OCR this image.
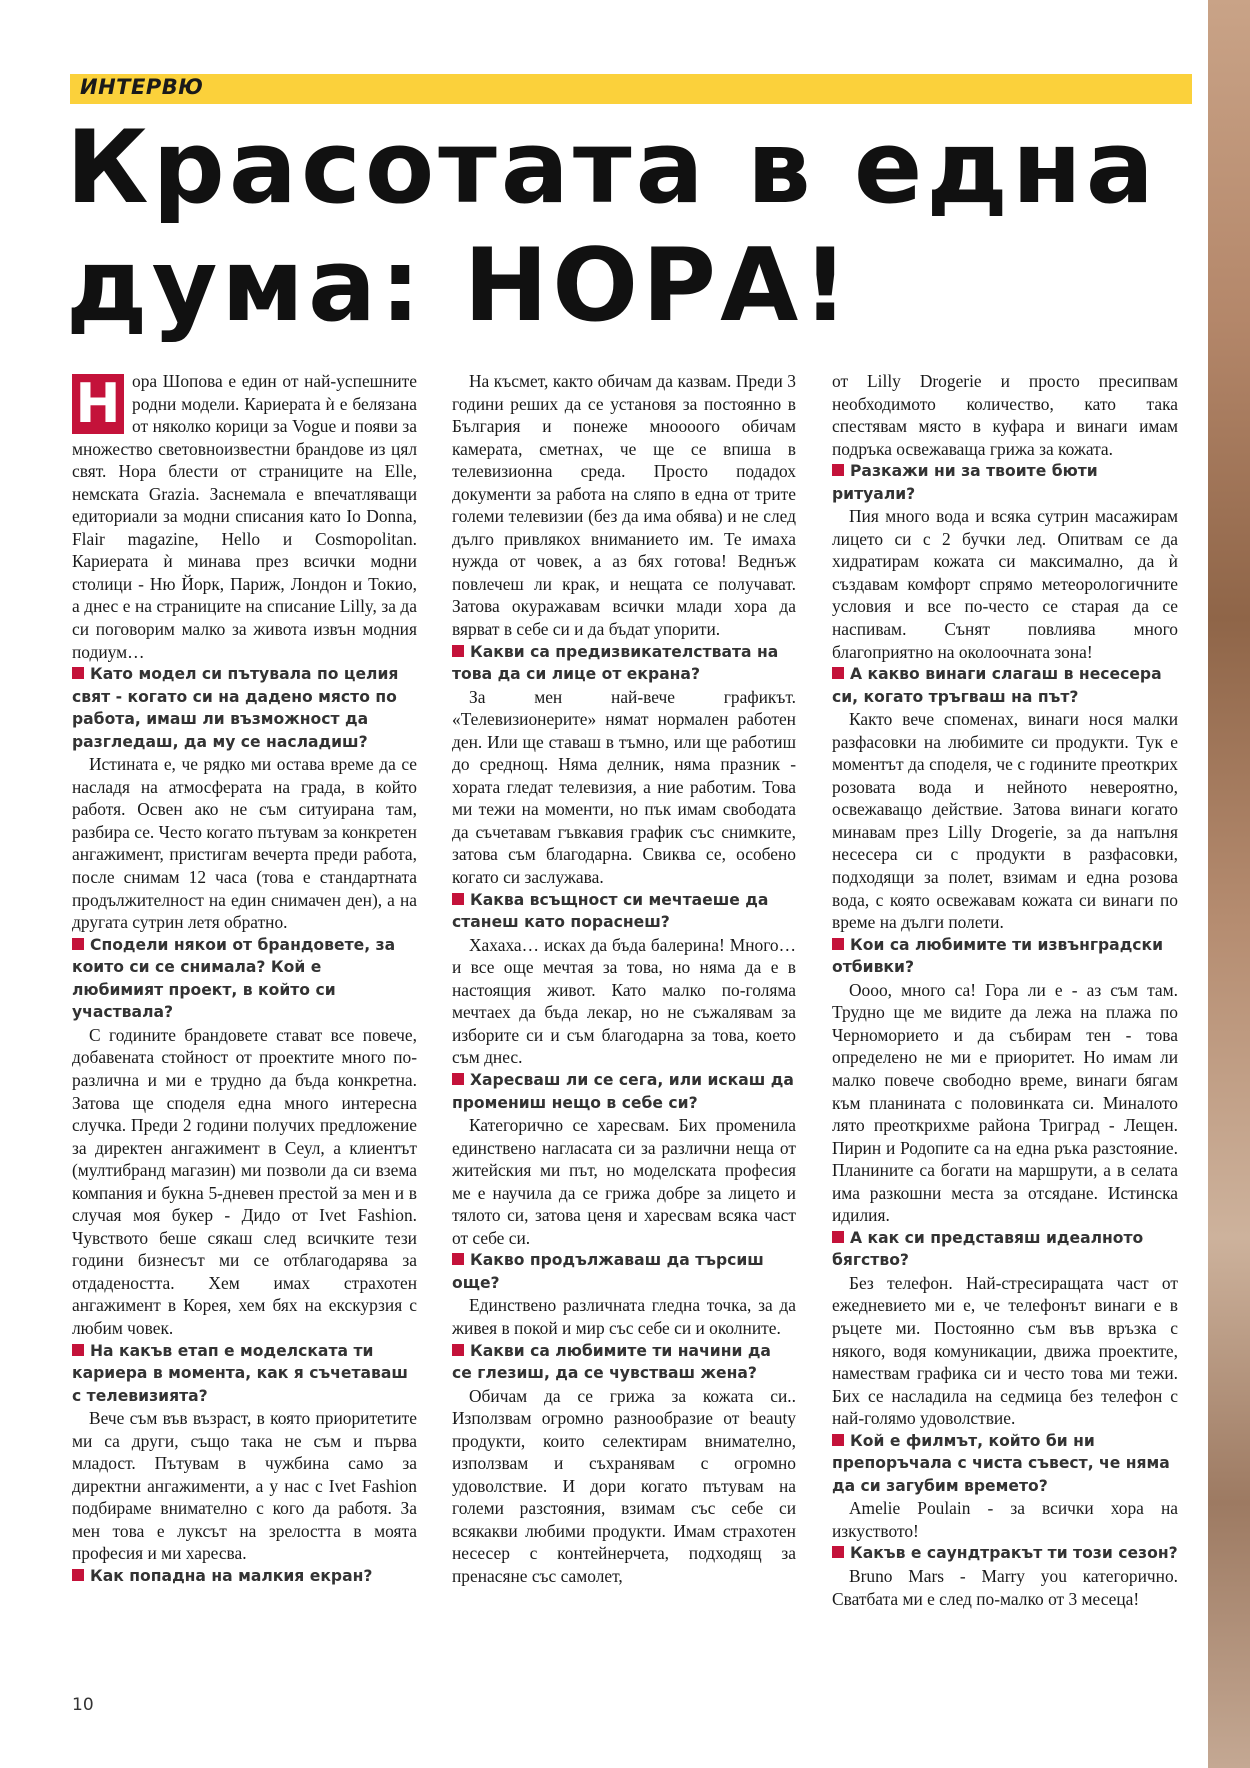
ИНТЕРВЮ
Красотата в една
дума: НОРА!

Н ора Шопова е един от най-успешните родни модели. Кариерата ѝ е белязана от няколко корици за Vogue и появи за множество световноизвестни брандове из цял свят. Нора блести от страниците на Elle, немската Grazia. Заснемала е впечатляващи едиториали за модни списания като Io Donna, Flair magazine, Hello и Cosmopolitan. Кариерата ѝ минава през всички модни столици - Ню Йорк, Париж, Лондон и Токио, а днес е на страниците на списание Lilly, за да си поговорим малко за живота извън модния подиум…

Като модел си пътувала по целия свят - когато си на дадено място по работа, имаш ли възможност да разгледаш, да му се насладиш?

Истината е, че рядко ми остава време да се насладя на атмосферата на града, в който работя. Освен ако не съм ситуирана там, разбира се. Често когато пътувам за конкретен ангажимент, пристигам вечерта преди работа, после снимам 12 часа (това е стандартната продължителност на един снимачен ден), а на другата сутрин летя обратно.

Сподели някои от брандовете, за които си се снимала? Кой е любимият проект, в който си участвала?

С годините брандовете стават все повече, добавената стойност от проектите много по-различна и ми е трудно да бъда конкретна. Затова ще споделя една много интересна случка. Преди 2 години получих предложение за директен ангажимент в Сеул, а клиентът (мултибранд магазин) ми позволи да си взема компания и букна 5-дневен престой за мен и в случая моя букер - Дидо от Ivet Fashion. Чувството беше сякаш след всичките тези години бизнесът ми се отблагодарява за отдадеността. Хем имах страхотен ангажимент в Корея, хем бях на екскурзия с любим човек.

На какъв етап е моделската ти кариера в момента, как я съчетаваш с телевизията?

Вече съм във възраст, в която приоритетите ми са други, също така не съм и първа младост. Пътувам в чужбина само за директни ангажименти, а у нас с Ivet Fashion подбираме внимателно с кого да работя. За мен това е луксът на зрелостта в моята професия и ми харесва.

Как попадна на малкия екран?

На късмет, както обичам да казвам. Преди 3 години реших да се установя за постоянно в България и понеже мноооого обичам камерата, сметнах, че ще се впиша в телевизионна среда. Просто подадох документи за работа на сляпо в една от трите големи телевизии (без да има обява) и не след дълго привлякох вниманието им. Те имаха нужда от човек, а аз бях готова! Веднъж повлечеш ли крак, и нещата се получават. Затова окуражавам всички млади хора да вярват в себе си и да бъдат упорити.

Какви са предизвикателствата на това да си лице от екрана?

За мен най-вече графикът. «Телевизионерите» нямат нормален работен ден. Или ще ставаш в тъмно, или ще работиш до среднощ. Няма делник, няма празник - хората гледат телевизия, а ние работим. Това ми тежи на моменти, но пък имам свободата да съчетавам гъвкавия график със снимките, затова съм благодарна. Свиква се, особено когато си заслужава.

Каква всъщност си мечтаеше да станеш като пораснеш?

Хахаха… исках да бъда балерина! Много… и все още мечтая за това, но няма да е в настоящия живот. Като малко по-голяма мечтаех да бъда лекар, но не съжалявам за изборите си и съм благодарна за това, което съм днес.

Харесваш ли се сега, или искаш да промениш нещо в себе си?

Категорично се харесвам. Бих променила единствено нагласата си за различни неща от житейския ми път, но моделската професия ме е научила да се грижа добре за лицето и тялото си, затова ценя и харесвам всяка част от себе си.

Какво продължаваш да търсиш още?

Единствено различната гледна точка, за да живея в покой и мир със себе си и околните.

Какви са любимите ти начини да се глезиш, да се чувстваш жена?

Обичам да се грижа за кожата си.. Използвам огромно разнообразие от beauty продукти, които селектирам внимателно, използвам и съхранявам с огромно удоволствие. И дори когато пътувам на големи разстояния, взимам със себе си всякакви любими продукти. Имам страхотен несесер с контейнерчета, подходящ за пренасяне със самолет,

от Lilly Drogerie и просто пресипвам необходимото количество, като така спестявам място в куфара и винаги имам подръка освежаваща грижа за кожата.

Разкажи ни за твоите бюти ритуали?

Пия много вода и всяка сутрин масажирам лицето си с 2 бучки лед. Опитвам се да хидратирам кожата си максимално, да ѝ създавам комфорт спрямо метеорологичните условия и все по-често се старая да се наспивам. Сънят повлиява много благоприятно на околоочната зона!

А какво винаги слагаш в несесера си, когато тръгваш на път?

Както вече споменах, винаги нося малки разфасовки на любимите си продукти. Тук е моментът да споделя, че с годините преоткрих розовата вода и нейното невероятно, освежаващо действие. Затова винаги когато минавам през Lilly Drogerie, за да напълня несесера си с продукти в разфасовки, подходящи за полет, взимам и една розова вода, с която освежавам кожата си винаги по време на дълги полети.

Кои са любимите ти извънградски отбивки?

Оооо, много са! Гора ли е - аз съм там. Трудно ще ме видите да лежа на плажа по Черноморието и да събирам тен - това определено не ми е приоритет. Но имам ли малко повече свободно време, винаги бягам към планината с половинката си. Миналото лято преоткрихме района Триград - Лещен. Пирин и Родопите са на една ръка разстояние. Планините са богати на маршрути, а в селата има разкошни места за отсядане. Истинска идилия.

А как си представяш идеалното бягство?

Без телефон. Най-стресиращата част от ежедневието ми е, че телефонът винаги е в ръцете ми. Постоянно съм във връзка с някого, водя комуникации, движа проектите, намествам графика си и често това ми тежи. Бих се насладила на седмица без телефон с най-голямо удоволствие.

Кой е филмът, който би ни препоръчала с чиста съвест, че няма да си загубим времето?

Amelie Poulain - за всички хора на изкуството!

Какъв е саундтракът ти този сезон?

Bruno Mars - Marry you категорично. Сватбата ми е след по-малко от 3 месеца!

10
